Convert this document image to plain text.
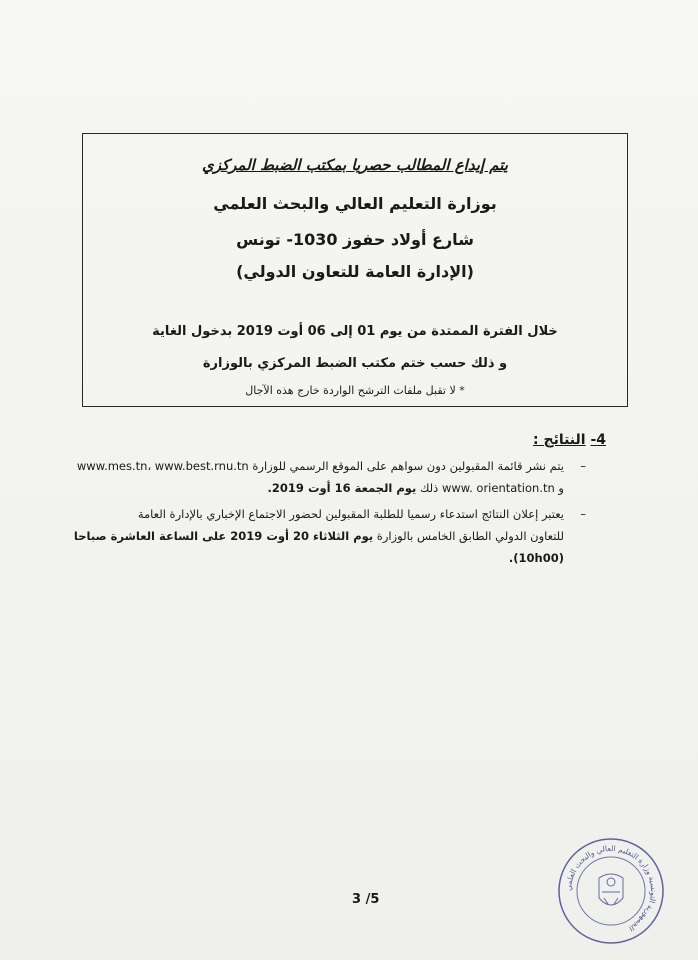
يتم إيداع المطالب حصريا بمكتب الضبط المركزي
بوزارة التعليم العالي والبحث العلمي
شارع أولاد حفوز 1030- تونس
(الإدارة العامة للتعاون الدولي)
خلال الفترة الممتدة من يوم 01 إلى 06 أوت 2019 بدخول الغاية
و ذلك حسب ختم مكتب الضبط المركزي بالوزارة
* لا تقبل ملفات الترشح الواردة خارج هذه الآجال
4- النتائج :
–
يتم نشر قائمة المقبولين دون سواهم على الموقع الرسمي للوزارة www.mes.tn، www.best.rnu.tn
و www. orientation.tn ذلك يوم الجمعة 16 أوت 2019.
–
يعتبر إعلان النتائج استدعاء رسميا للطلبة المقبولين لحضور الاجتماع الإخباري بالإدارة العامة
للتعاون الدولي الطابق الخامس بالوزارة يوم الثلاثاء 20 أوت 2019 على الساعة العاشرة صباحا
(10h00).
3 /5
الجمهورية التونسية وزارة التعليم العالي والبحث العلمي
